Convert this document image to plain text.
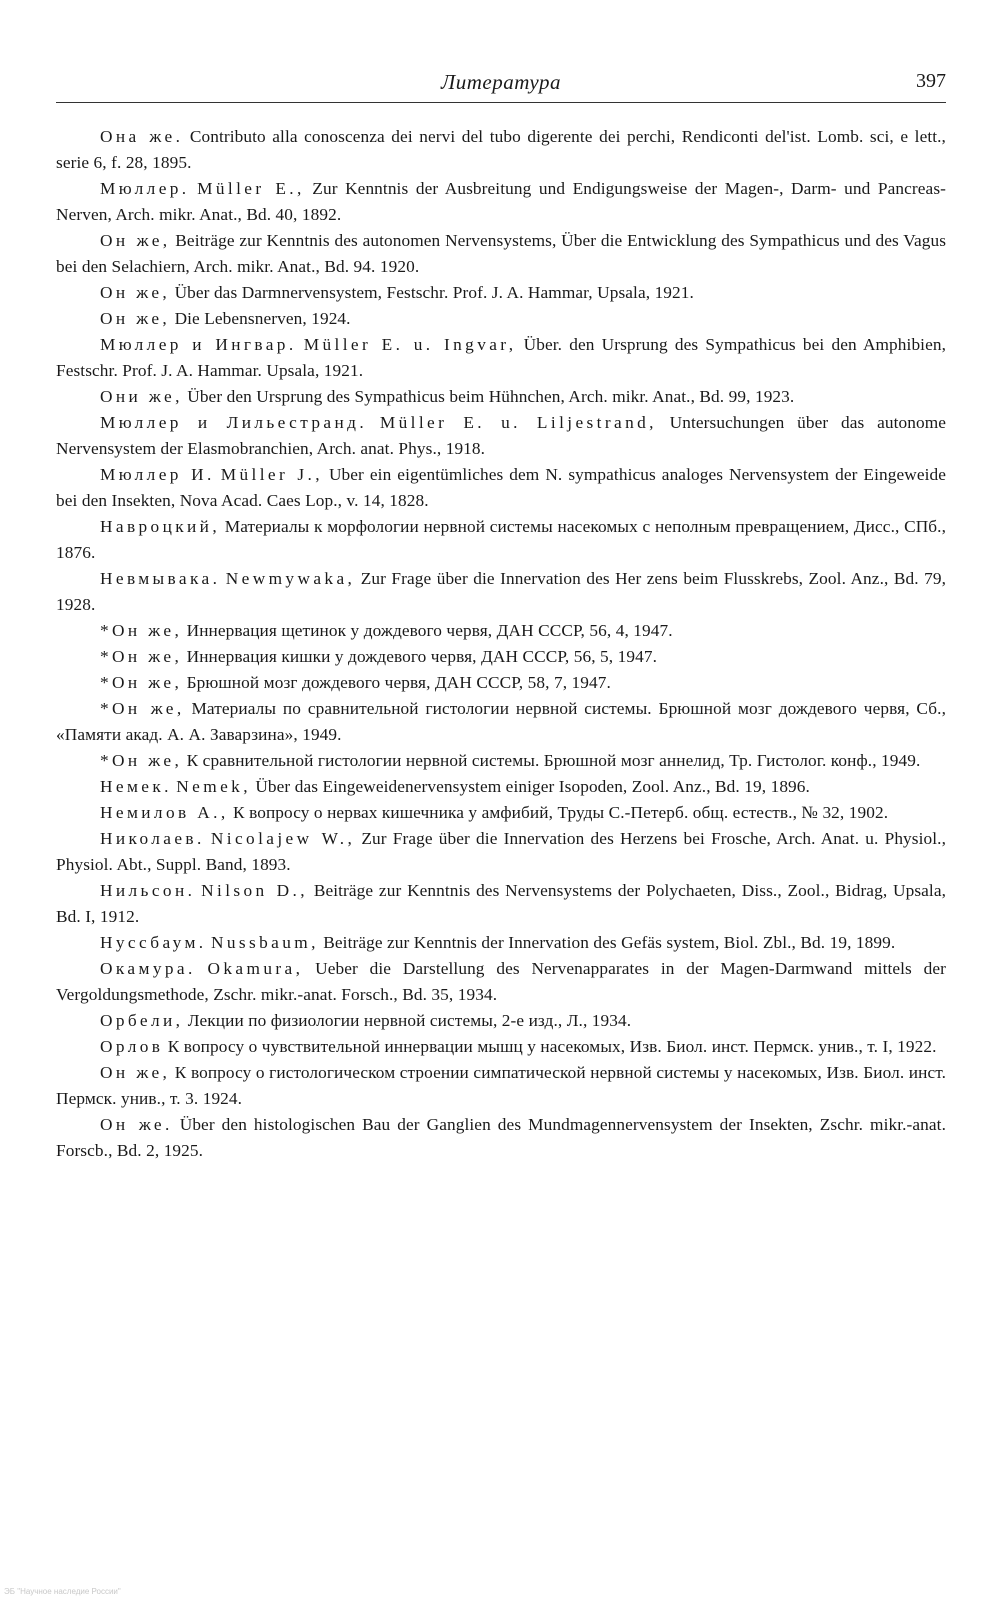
Литература	397

Она же. Contributo alla conoscenza dei nervi del tubo digerente dei perchi, Rendiconti del'ist. Lomb. sci, e lett., serie 6, f. 28, 1895.

Мюллер. Müller E., Zur Kenntnis der Ausbreitung und Endigungsweise der Magen-, Darm- und Pancreas-Nerven, Arch. mikr. Anat., Bd. 40, 1892.

Он же, Beiträge zur Kenntnis des autonomen Nervensystems, Über die Entwicklung des Sympathicus und des Vagus bei den Selachiern, Arch. mikr. Anat., Bd. 94. 1920.

Он же, Über das Darmnervensystem, Festschr. Prof. J. A. Hammar, Upsala, 1921.

Он же, Die Lebensnerven, 1924.

Мюллер и Ингвар. Müller E. u. Ingvar, Über. den Ursprung des Sympathicus bei den Amphibien, Festschr. Prof. J. A. Hammar. Upsala, 1921.

Они же, Über den Ursprung des Sympathicus beim Hühnchen, Arch. mikr. Anat., Bd. 99, 1923.

Мюллер и Лильестранд. Müller E. u. Liljestrand, Untersuchungen über das autonome Nervensystem der Elasmobranchien, Arch. anat. Phys., 1918.

Мюллер И. Müller J., Uber ein eigentümliches dem N. sympathicus analoges Nervensystem der Eingeweide bei den Insekten, Nova Acad. Caes Lop., v. 14, 1828.

Навроцкий, Материалы к морфологии нервной системы насекомых с неполным превращением, Дисс., СПб., 1876.

Невмывака. Newmywaka, Zur Frage über die Innervation des Her zens beim Flusskrebs, Zool. Anz., Bd. 79, 1928.

*Он же, Иннервация щетинок у дождевого червя, ДАН СССР, 56, 4, 1947.

*Он же, Иннервация кишки у дождевого червя, ДАН СССР, 56, 5, 1947.

*Он же, Брюшной мозг дождевого червя, ДАН СССР, 58, 7, 1947.

*Он же, Материалы по сравнительной гистологии нервной системы. Брюшной мозг дождевого червя, Сб., «Памяти акад. А. А. Заварзина», 1949.

*Он же, К сравнительной гистологии нервной системы. Брюшной мозг аннелид, Тр. Гистолог. конф., 1949.

Немек. Nemek, Über das Eingeweidenervensystem einiger Isopoden, Zool. Anz., Bd. 19, 1896.

Немилов А., К вопросу о нервах кишечника у амфибий, Труды С.-Петерб. общ. естеств., № 32, 1902.

Николаев. Nicolajew W., Zur Frage über die Innervation des Herzens bei Frosche, Arch. Anat. u. Physiol., Physiol. Abt., Suppl. Band, 1893.

Нильсон. Nilson D., Beiträge zur Kenntnis des Nervensystems der Polychaeten, Diss., Zool., Bidrag, Upsala, Bd. I, 1912.

Нуссбаум. Nussbaum, Beiträge zur Kenntnis der Innervation des Gefäs system, Biol. Zbl., Bd. 19, 1899.

Окамура. Okamura, Ueber die Darstellung des Nervenapparates in der Magen-Darmwand mittels der Vergoldungsmethode, Zschr. mikr.-anat. Forsch., Bd. 35, 1934.

Орбели, Лекции по физиологии нервной системы, 2-е изд., Л., 1934.

Орлов К вопросу о чувствительной иннервации мышц у насекомых, Изв. Биол. инст. Пермск. унив., т. I, 1922.

Он же, К вопросу о гистологическом строении симпатической нервной системы у насекомых, Изв. Биол. инст. Пермск. унив., т. 3. 1924.

Он же. Über den histologischen Bau der Ganglien des Mundmagennervensystem der Insekten, Zschr. mikr.-anat. Forscb., Bd. 2, 1925.

ЭБ "Научное наследие России"
